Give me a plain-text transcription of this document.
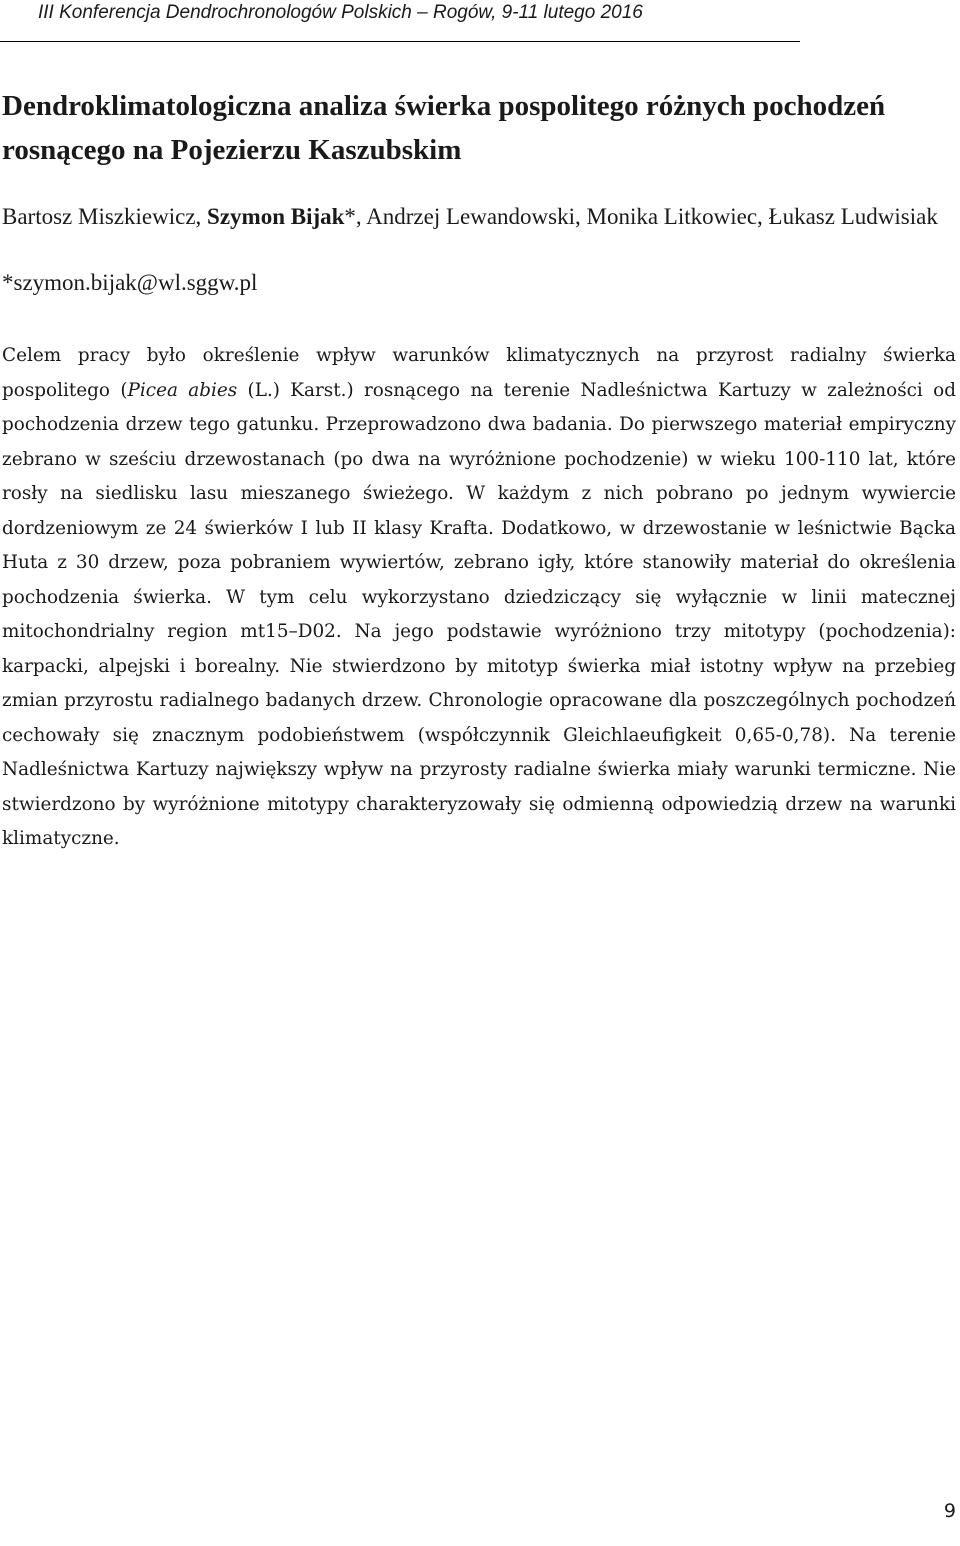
III Konferencja Dendrochronologów Polskich – Rogów, 9-11 lutego 2016
Dendroklimatologiczna analiza świerka pospolitego różnych pochodzeń rosnącego na Pojezierzu Kaszubskim
Bartosz Miszkiewicz, Szymon Bijak*, Andrzej Lewandowski, Monika Litkowiec, Łukasz Ludwisiak
*szymon.bijak@wl.sggw.pl

Celem pracy było określenie wpływ warunków klimatycznych na przyrost radialny świerka pospolitego (Picea abies (L.) Karst.) rosnącego na terenie Nadleśnictwa Kartuzy w zależności od pochodzenia drzew tego gatunku. Przeprowadzono dwa badania. Do pierwszego materiał empiryczny zebrano w sześciu drzewostanach (po dwa na wyróżnione pochodzenie) w wieku 100-110 lat, które rosły na siedlisku lasu mieszanego świeżego. W każdym z nich pobrano po jednym wywiercie dordzeniowym ze 24 świerków I lub II klasy Krafta. Dodatkowo, w drzewostanie w leśnictwie Bącka Huta z 30 drzew, poza pobraniem wywiertów, zebrano igły, które stanowiły materiał do określenia pochodzenia świerka. W tym celu wykorzystano dziedziczący się wyłącznie w linii matecznej mitochondrialny region mt15–D02. Na jego podstawie wyróżniono trzy mitotypy (pochodzenia): karpacki, alpejski i borealny. Nie stwierdzono by mitotyp świerka miał istotny wpływ na przebieg zmian przyrostu radialnego badanych drzew. Chronologie opracowane dla poszczególnych pochodzeń cechowały się znacznym podobieństwem (współczynnik Gleichlaeufigkeit 0,65-0,78). Na terenie Nadleśnictwa Kartuzy największy wpływ na przyrosty radialne świerka miały warunki termiczne. Nie stwierdzono by wyróżnione mitotypy charakteryzowały się odmienną odpowiedzią drzew na warunki klimatyczne.

9
